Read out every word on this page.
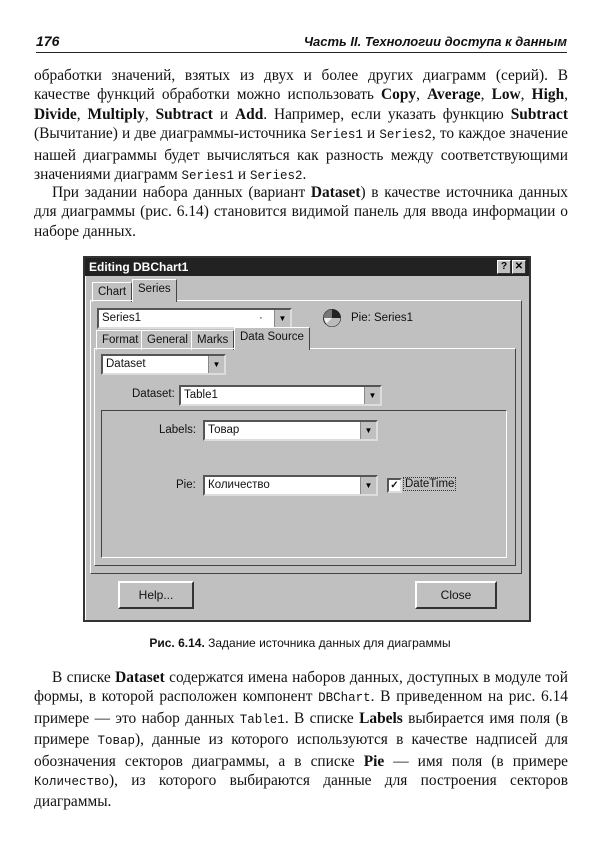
176	Часть II. Технологии доступа к данным

обработки значений, взятых из двух и более других диаграмм (серий). В качестве функций обработки можно использовать Copy, Average, Low, High, Divide, Multiply, Subtract и Add. Например, если указать функцию Subtract (Вычитание) и две диаграммы-источника Series1 и Series2, то каждое значение нашей диаграммы будет вычисляться как разность между соответствующими значениями диаграмм Series1 и Series2.

При задании набора данных (вариант Dataset) в качестве источника данных для диаграммы (рис. 6.14) становится видимой панель для ввода информации о наборе данных.

Editing DBChart1	? ✕
Chart	Series
Series1	·	▼	Pie: Series1
Format General Marks	Data Source
Dataset	▼
Dataset: Table1	▼
Labels:	Товар	▼
Pie:	Количество	▼	✓ DateTime
Help...	Close
Рис. 6.14. Задание источника данных для диаграммы

В списке Dataset содержатся имена наборов данных, доступных в модуле той формы, в которой расположен компонент DBChart. В приведенном на рис. 6.14 примере — это набор данных Table1. В списке Labels выбирается имя поля (в примере Товар), данные из которого используются в качестве надписей для обозначения секторов диаграммы, а в списке Pie — имя поля (в примере Количество), из которого выбираются данные для построения секторов диаграммы.
